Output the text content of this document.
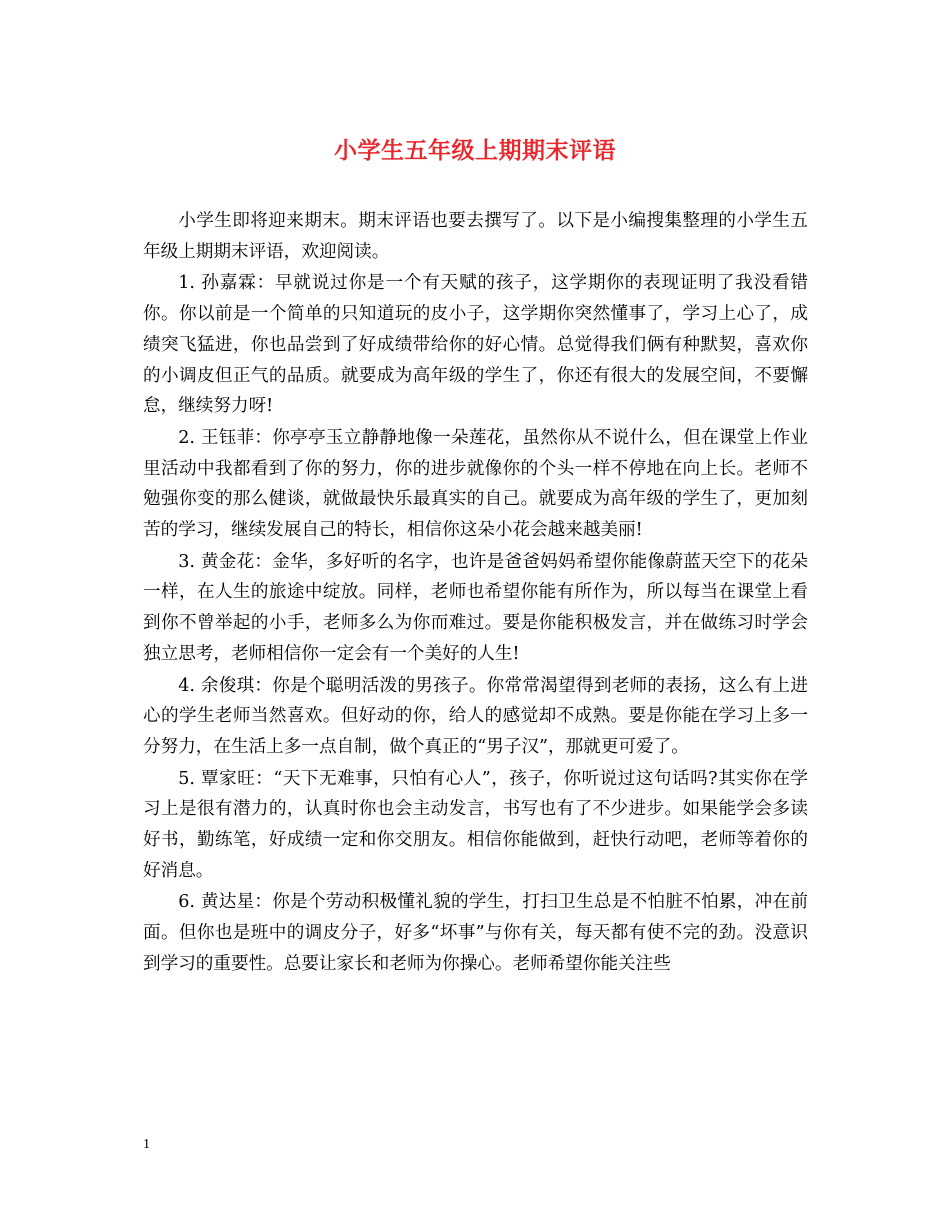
小学生五年级上期期末评语

小学生即将迎来期末。期末评语也要去撰写了。以下是小编搜集整理的小学生五年级上期期末评语，欢迎阅读。

1. 孙嘉霖：早就说过你是一个有天赋的孩子，这学期你的表现证明了我没看错你。你以前是一个简单的只知道玩的皮小子，这学期你突然懂事了，学习上心了，成绩突飞猛进，你也品尝到了好成绩带给你的好心情。总觉得我们俩有种默契，喜欢你的小调皮但正气的品质。就要成为高年级的学生了，你还有很大的发展空间，不要懈怠，继续努力呀!

2. 王钰菲：你亭亭玉立静静地像一朵莲花，虽然你从不说什么，但在课堂上作业里活动中我都看到了你的努力，你的进步就像你的个头一样不停地在向上长。老师不勉强你变的那么健谈，就做最快乐最真实的自己。就要成为高年级的学生了，更加刻苦的学习，继续发展自己的特长，相信你这朵小花会越来越美丽!

3. 黄金花：金华，多好听的名字，也许是爸爸妈妈希望你能像蔚蓝天空下的花朵一样，在人生的旅途中绽放。同样，老师也希望你能有所作为，所以每当在课堂上看到你不曾举起的小手，老师多么为你而难过。要是你能积极发言，并在做练习时学会独立思考，老师相信你一定会有一个美好的人生!

4. 余俊琪：你是个聪明活泼的男孩子。你常常渴望得到老师的表扬，这么有上进心的学生老师当然喜欢。但好动的你，给人的感觉却不成熟。要是你能在学习上多一分努力，在生活上多一点自制，做个真正的“男子汉”，那就更可爱了。

5. 覃家旺：“天下无难事，只怕有心人”，孩子，你听说过这句话吗?其实你在学习上是很有潜力的，认真时你也会主动发言，书写也有了不少进步。如果能学会多读好书，勤练笔，好成绩一定和你交朋友。相信你能做到，赶快行动吧，老师等着你的好消息。

6. 黄达星：你是个劳动积极懂礼貌的学生，打扫卫生总是不怕脏不怕累，冲在前面。但你也是班中的调皮分子，好多“坏事”与你有关，每天都有使不完的劲。没意识到学习的重要性。总要让家长和老师为你操心。老师希望你能关注些

1
